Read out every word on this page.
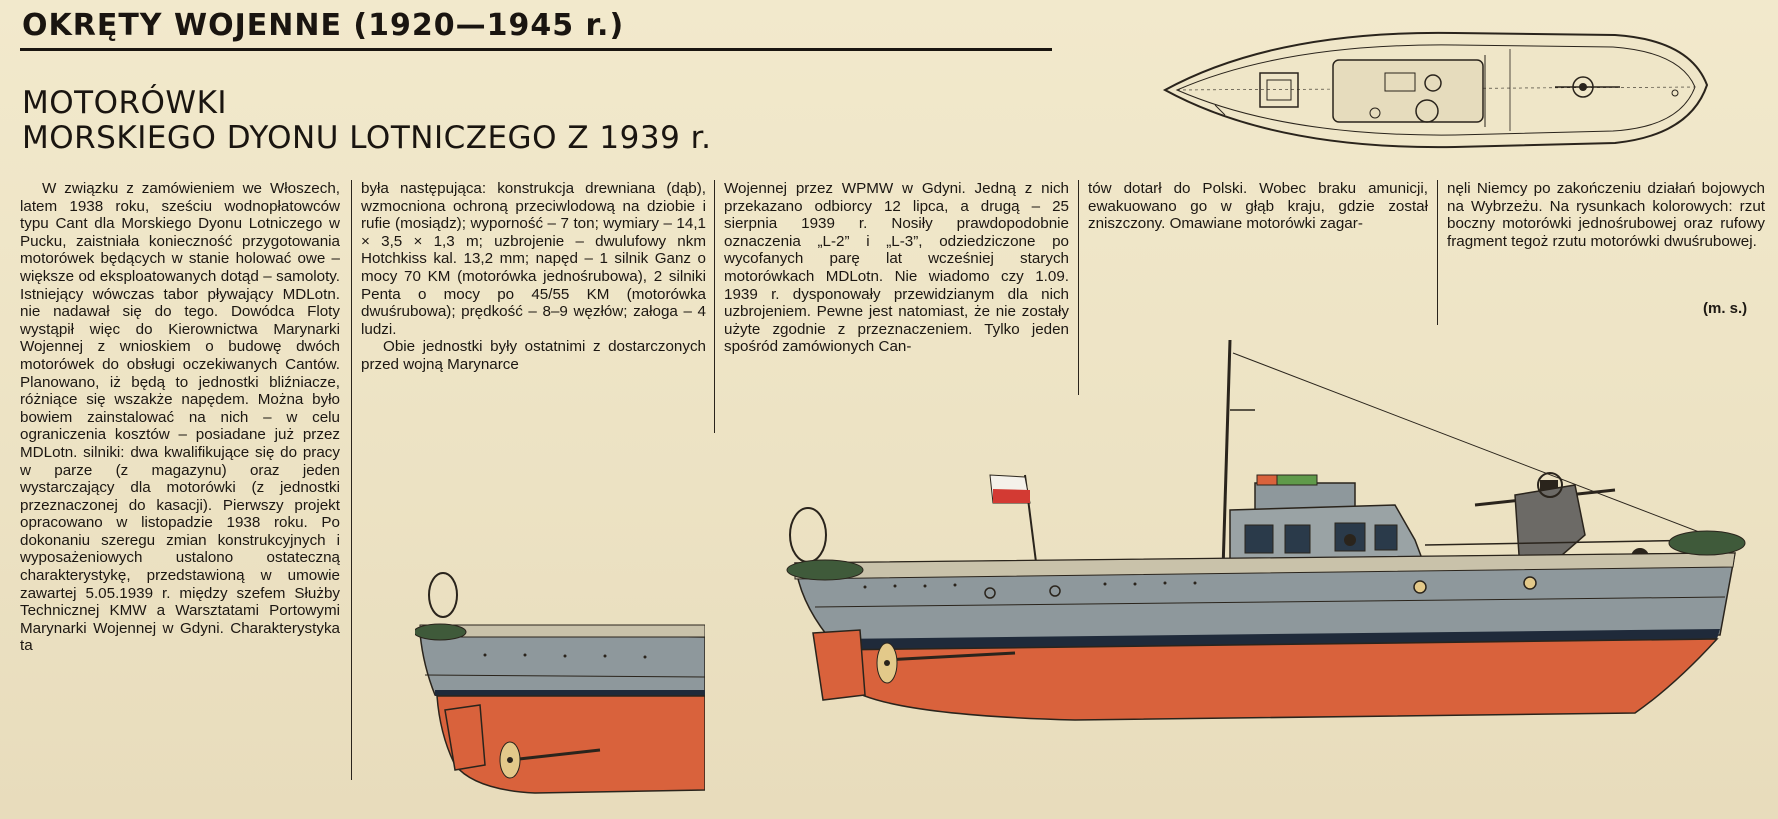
OKRĘTY WOJENNE (1920—1945 r.)
MOTORÓWKI
MORSKIEGO DYONU LOTNICZEGO Z 1939 r.

W związku z zamówieniem we Włoszech, latem 1938 roku, sześciu wodnopłatowców typu Cant dla Morskiego Dyonu Lotniczego w Pucku, zaistniała konieczność przygotowania motorówek będących w stanie holować owe – większe od eksploatowanych dotąd – samoloty. Istniejący wówczas tabor pływający MDLotn. nie nadawał się do tego. Dowódca Floty wystąpił więc do Kierownictwa Marynarki Wojennej z wnioskiem o budowę dwóch motorówek do obsługi oczekiwanych Cantów. Planowano, iż będą to jednostki bliźniacze, różniące się wszakże napędem. Można było bowiem zainstalować na nich – w celu ograniczenia kosztów – posiadane już przez MDLotn. silniki: dwa kwalifikujące się do pracy w parze (z magazynu) oraz jeden wystarczający dla motorówki (z jednostki przeznaczonej do kasacji). Pierwszy projekt opracowano w listopadzie 1938 roku. Po dokonaniu szeregu zmian konstrukcyjnych i wyposażeniowych ustalono ostateczną charakterystykę, przedstawioną w umowie zawartej 5.05.1939 r. między szefem Służby Technicznej KMW a Warsztatami Portowymi Marynarki Wojennej w Gdyni. Charakterystyka ta

była następująca: konstrukcja drewniana (dąb), wzmocniona ochroną przeciwlodową na dziobie i rufie (mosiądz); wyporność – 7 ton; wymiary – 14,1 × 3,5 × 1,3 m; uzbrojenie – dwulufowy nkm Hotchkiss kal. 13,2 mm; napęd – 1 silnik Ganz o mocy 70 KM (motorówka jednośrubowa), 2 silniki Penta o mocy po 45/55 KM (motorówka dwuśrubowa); prędkość – 8–9 węzłów; załoga – 4 ludzi.

Obie jednostki były ostatnimi z dostarczonych przed wojną Marynarce

Wojennej przez WPMW w Gdyni. Jedną z nich przekazano odbiorcy 12 lipca, a drugą – 25 sierpnia 1939 r. Nosiły prawdopodobnie oznaczenia „L-2” i „L-3”, odziedziczone po wycofanych parę lat wcześniej starych motorówkach MDLotn. Nie wiadomo czy 1.09. 1939 r. dysponowały przewidzianym dla nich uzbrojeniem. Pewne jest natomiast, że nie zostały użyte zgodnie z przeznaczeniem. Tylko jeden spośród zamówionych Can-

tów dotarł do Polski. Wobec braku amunicji, ewakuowano go w głąb kraju, gdzie został zniszczony. Omawiane motorówki zagar-

nęli Niemcy po zakończeniu działań bojowych na Wybrzeżu. Na rysunkach kolorowych: rzut boczny motorówki jednośrubowej oraz rufowy fragment tegoż rzutu motorówki dwuśrubowej.

(m. s.)
